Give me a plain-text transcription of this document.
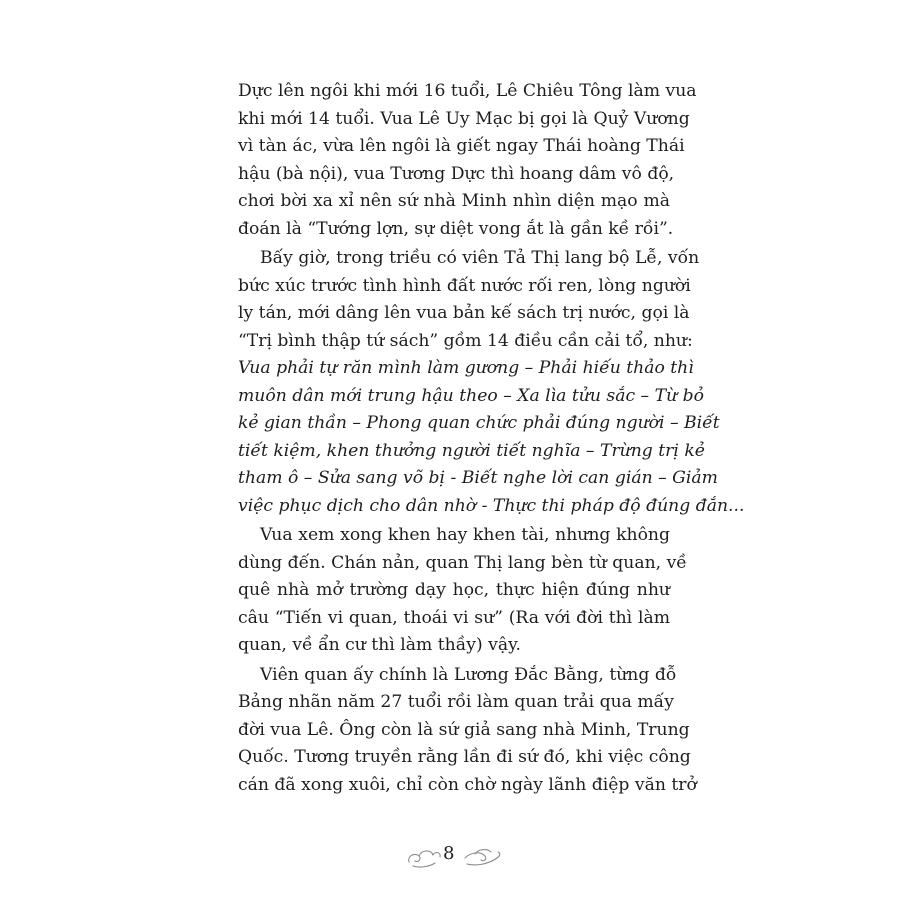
Dực lên ngôi khi mới 16 tuổi, Lê Chiêu Tông làm vua
khi mới 14 tuổi. Vua Lê Uy Mạc bị gọi là Quỷ Vương
vì tàn ác, vừa lên ngôi là giết ngay Thái hoàng Thái
hậu (bà nội), vua Tương Dực thì hoang dâm vô độ,
chơi bời xa xỉ nên sứ nhà Minh nhìn diện mạo mà
đoán là “Tướng lợn, sự diệt vong ắt là gần kề rồi”.
Bấy giờ, trong triều có viên Tả Thị lang bộ Lễ, vốn
bức xúc trước tình hình đất nước rối ren, lòng người
ly tán, mới dâng lên vua bản kế sách trị nước, gọi là
“Trị bình thập tứ sách” gồm 14 điều cần cải tổ, như:
Vua phải tự răn mình làm gương – Phải hiếu thảo thì
muôn dân mới trung hậu theo – Xa lìa tửu sắc – Từ bỏ
kẻ gian thần – Phong quan chức phải đúng người – Biết
tiết kiệm, khen thưởng người tiết nghĩa – Trừng trị kẻ
tham ô – Sửa sang võ bị - Biết nghe lời can gián – Giảm
việc phục dịch cho dân nhờ - Thực thi pháp độ đúng đắn...
Vua xem xong khen hay khen tài, nhưng không
dùng đến. Chán nản, quan Thị lang bèn từ quan, về
quê nhà mở trường dạy học, thực hiện đúng như
câu “Tiến vi quan, thoái vi sư” (Ra với đời thì làm
quan, về ẩn cư thì làm thầy) vậy.
Viên quan ấy chính là Lương Đắc Bằng, từng đỗ
Bảng nhãn năm 27 tuổi rồi làm quan trải qua mấy
đời vua Lê. Ông còn là sứ giả sang nhà Minh, Trung
Quốc. Tương truyền rằng lần đi sứ đó, khi việc công
cán đã xong xuôi, chỉ còn chờ ngày lãnh điệp văn trở
8
